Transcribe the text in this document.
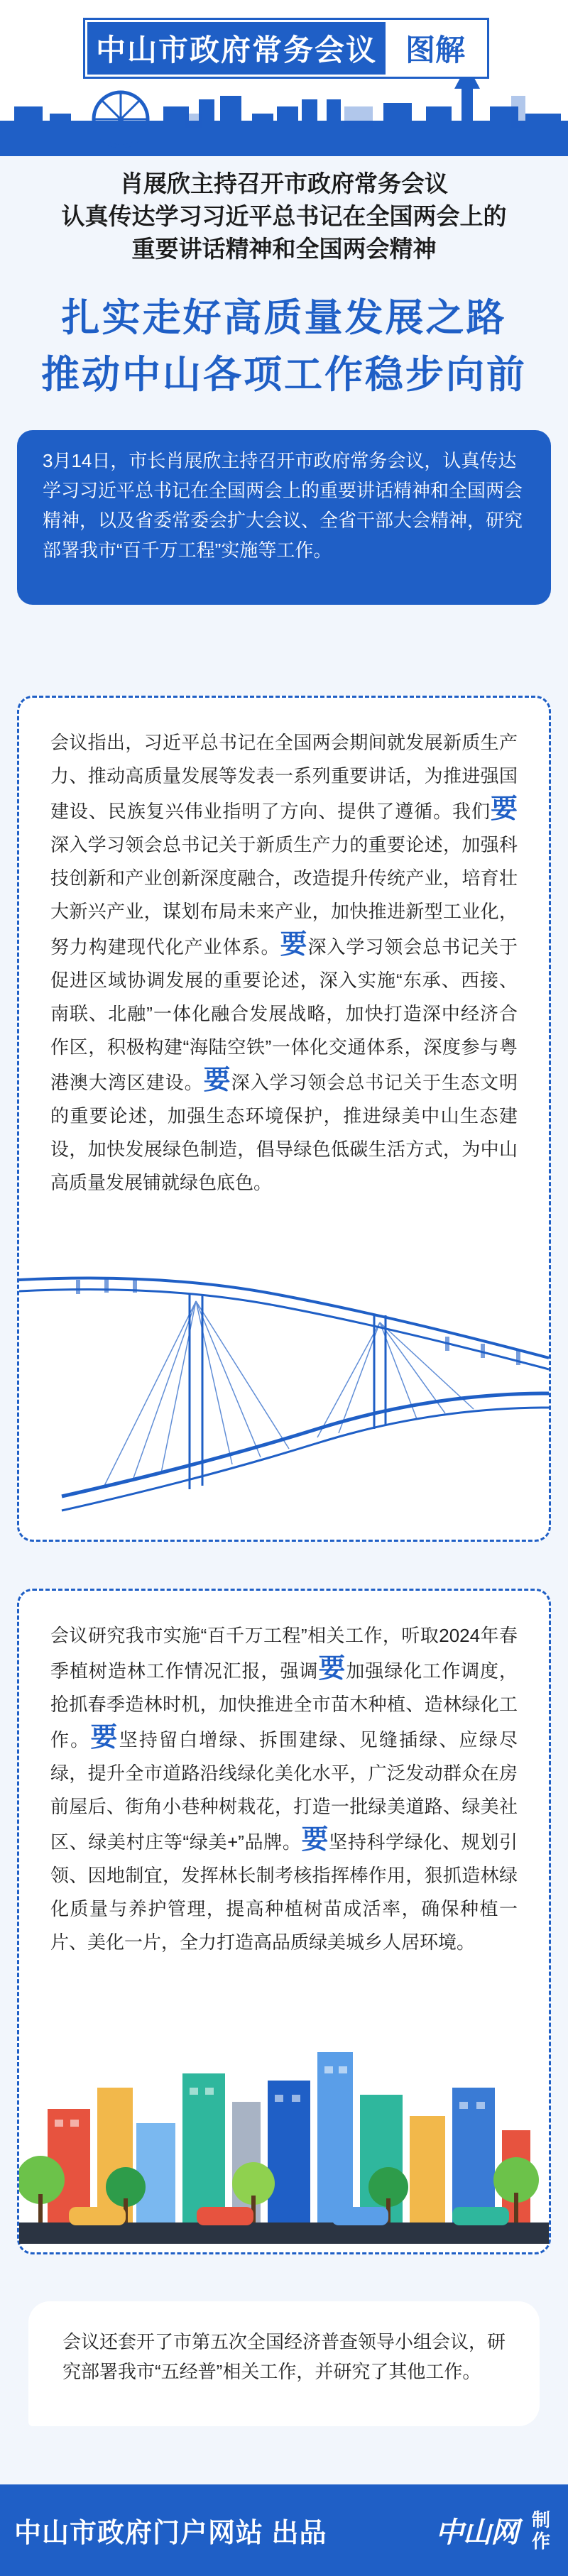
中山市政府常务会议 图解
肖展欣主持召开市政府常务会议
认真传达学习习近平总书记在全国两会上的
重要讲话精神和全国两会精神
扎实走好高质量发展之路
推动中山各项工作稳步向前
3月14日，市长肖展欣主持召开市政府常务会议，认真传达学习习近平总书记在全国两会上的重要讲话精神和全国两会精神，以及省委常委会扩大会议、全省干部大会精神，研究部署我市“百千万工程”实施等工作。

会议指出，习近平总书记在全国两会期间就发展新质生产力、推动高质量发展等发表一系列重要讲话，为推进强国建设、民族复兴伟业指明了方向、提供了遵循。我们要深入学习领会总书记关于新质生产力的重要论述，加强科技创新和产业创新深度融合，改造提升传统产业，培育壮大新兴产业，谋划布局未来产业，加快推进新型工业化，努力构建现代化产业体系。要深入学习领会总书记关于促进区域协调发展的重要论述，深入实施“东承、西接、南联、北融”一体化融合发展战略，加快打造深中经济合作区，积极构建“海陆空铁”一体化交通体系，深度参与粤港澳大湾区建设。要深入学习领会总书记关于生态文明的重要论述，加强生态环境保护，推进绿美中山生态建设，加快发展绿色制造，倡导绿色低碳生活方式，为中山高质量发展铺就绿色底色。

会议研究我市实施“百千万工程”相关工作，听取2024年春季植树造林工作情况汇报，强调要加强绿化工作调度，抢抓春季造林时机，加快推进全市苗木种植、造林绿化工作。要坚持留白增绿、拆围建绿、见缝插绿、应绿尽绿，提升全市道路沿线绿化美化水平，广泛发动群众在房前屋后、街角小巷种树栽花，打造一批绿美道路、绿美社区、绿美村庄等“绿美+”品牌。要坚持科学绿化、规划引领、因地制宜，发挥林长制考核指挥棒作用，狠抓造林绿化质量与养护管理，提高种植树苗成活率，确保种植一片、美化一片，全力打造高品质绿美城乡人居环境。

会议还套开了市第五次全国经济普查领导小组会议，研究部署我市“五经普”相关工作，并研究了其他工作。
中山市政府门户网站 出品	中山网 制作
